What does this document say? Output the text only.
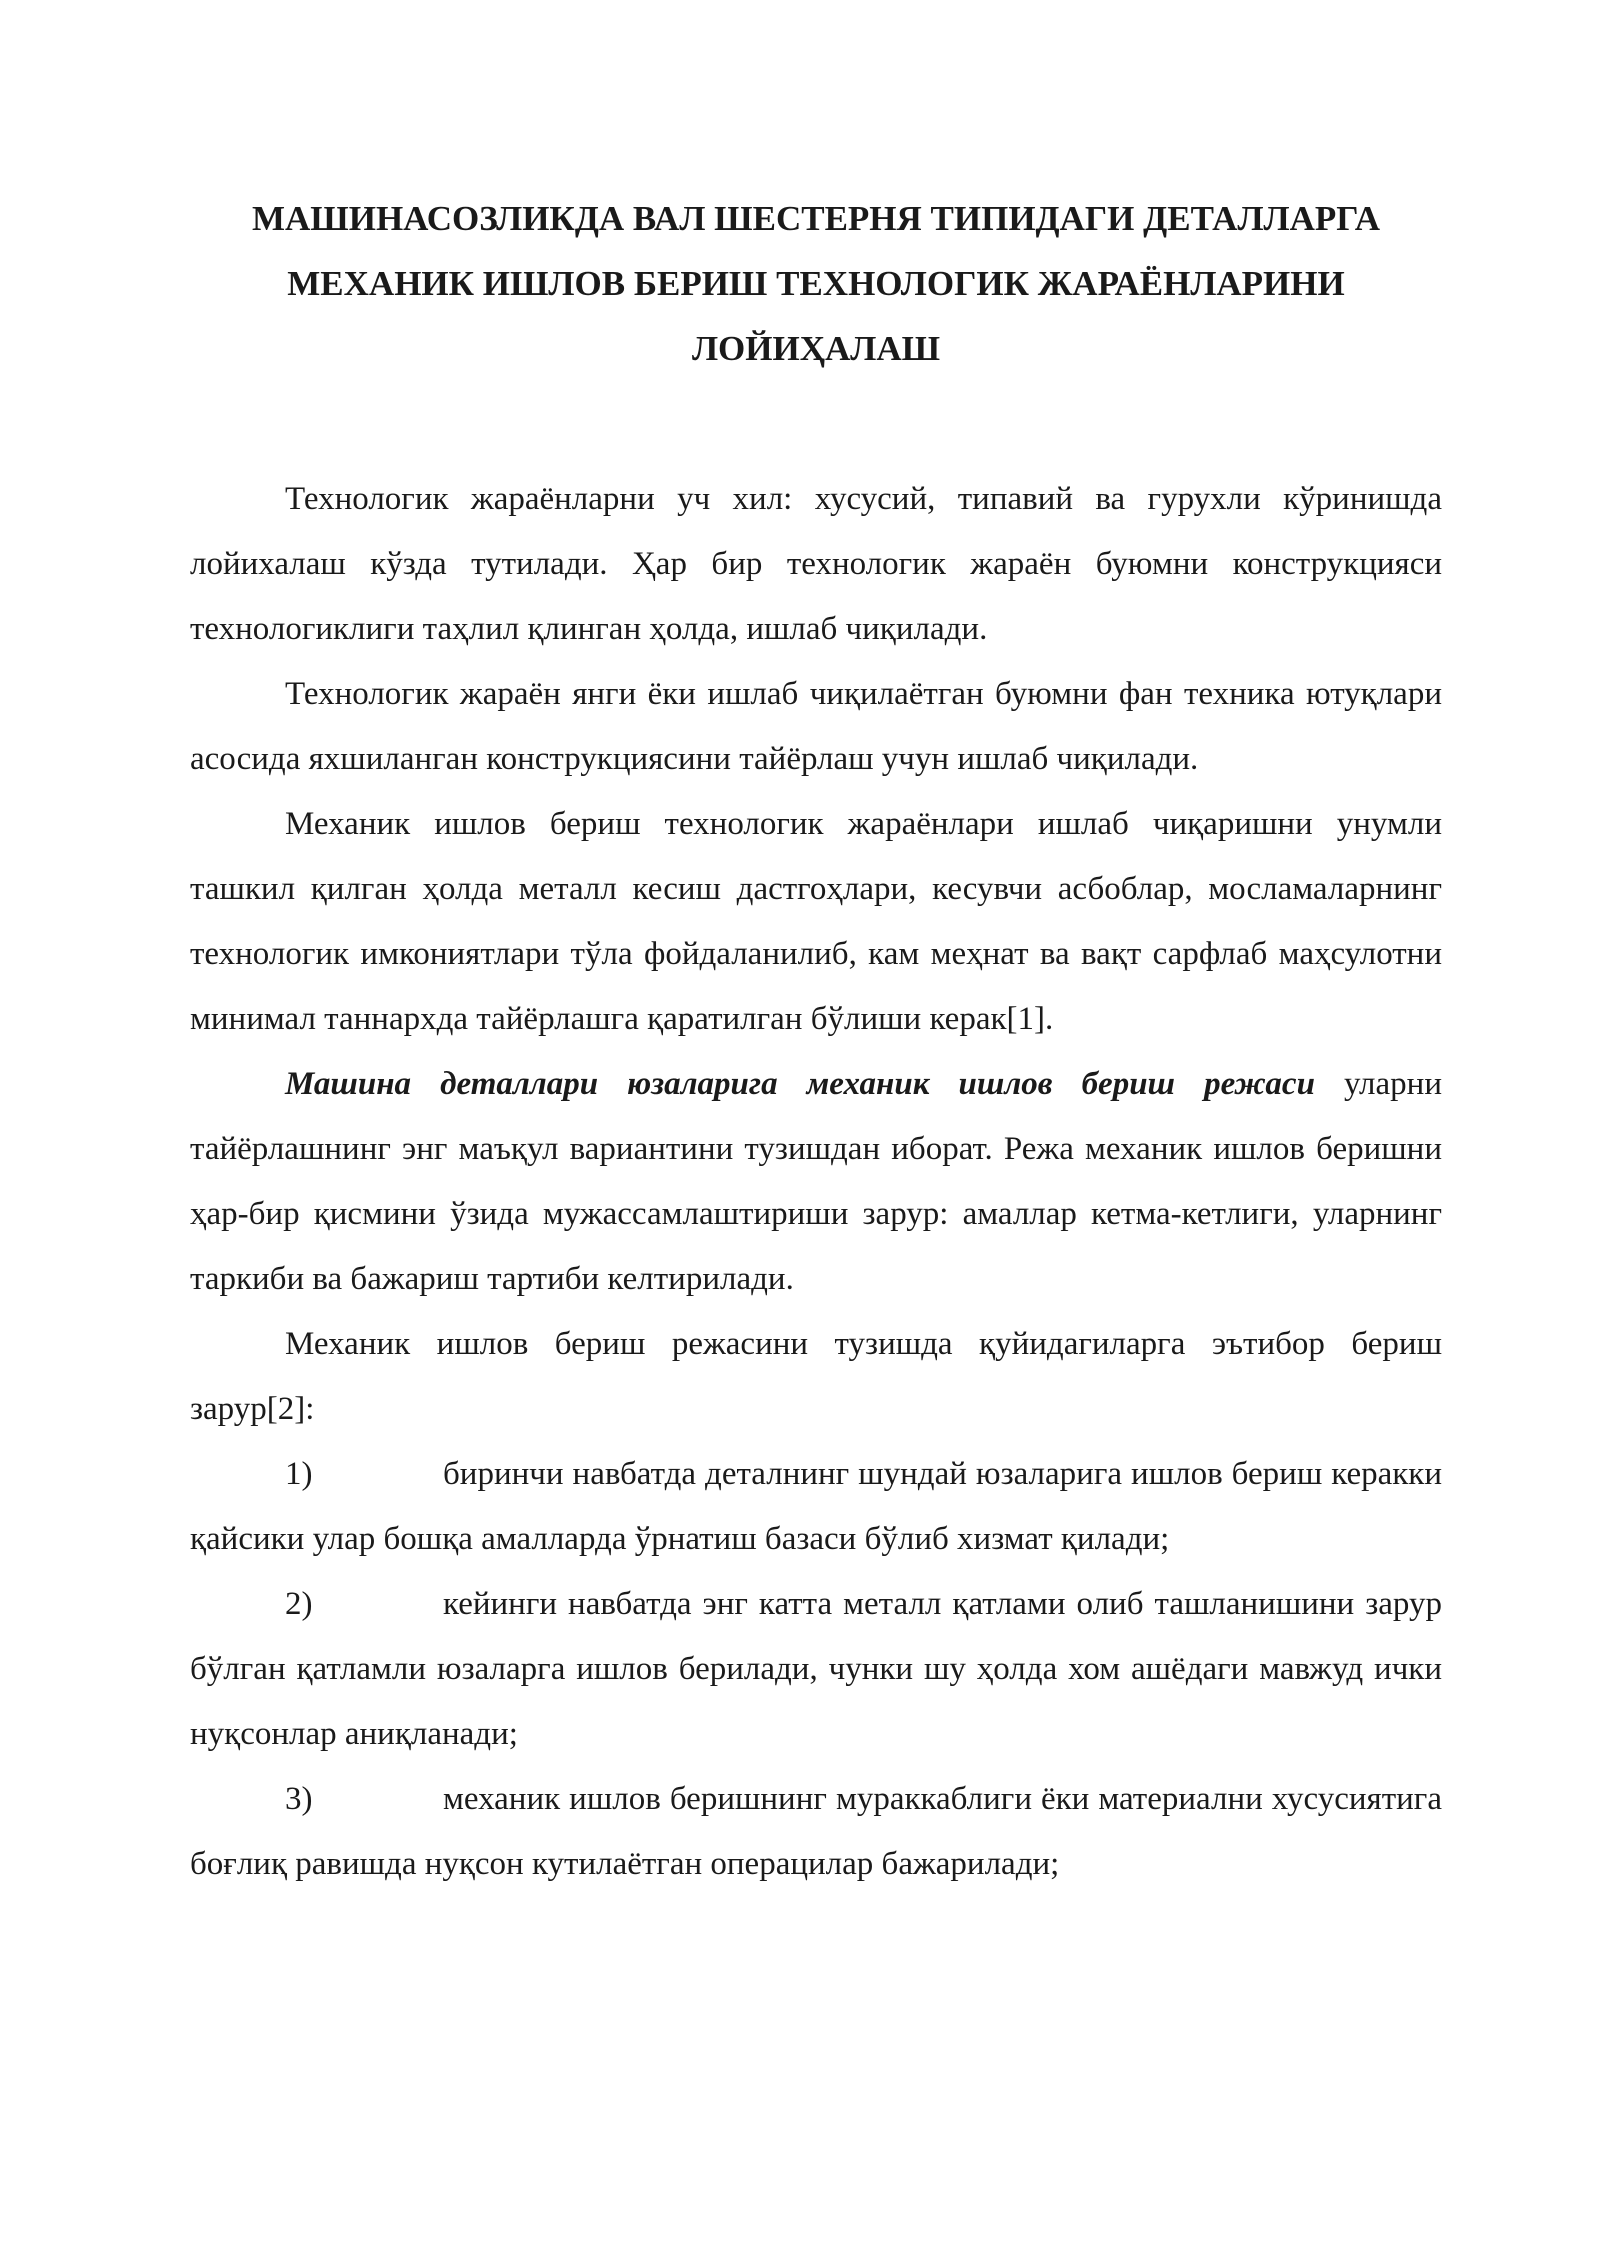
МАШИНАСОЗЛИКДА ВАЛ ШЕСТЕРНЯ ТИПИДАГИ ДЕТАЛЛАРГА
МЕХАНИК ИШЛОВ БЕРИШ ТЕХНОЛОГИК ЖАРАЁНЛАРИНИ
ЛОЙИҲАЛАШ

Технологик жараёнларни уч хил: хусусий, типавий ва гурухли кўринишда лойихалаш кўзда тутилади. Ҳар бир технологик жараён буюмни конструкцияси технологиклиги таҳлил қлинган ҳолда, ишлаб чиқилади.

Технологик жараён янги ёки ишлаб чиқилаётган буюмни фан техника ютуқлари асосида яхшиланган конструкциясини тайёрлаш учун ишлаб чиқилади.

Механик ишлов бериш технологик жараёнлари ишлаб чиқаришни унумли ташкил қилган ҳолда металл кесиш дастгоҳлари, кесувчи асбоблар, мосламаларнинг технологик имкониятлари тўла фойдаланилиб, кам меҳнат ва вақт сарфлаб маҳсулотни минимал таннархда тайёрлашга қаратилган бўлиши керак[1].

Машина деталлари юзаларига механик ишлов бериш режаси уларни тайёрлашнинг энг маъқул вариантини тузишдан иборат. Режа механик ишлов беришни ҳар-бир қисмини ўзида мужассамлаштириши зарур: амаллар кетма-кетлиги, уларнинг таркиби ва бажариш тартиби келтирилади.

Механик ишлов бериш режасини тузишда қуйидагиларга эътибор бериш зарур[2]:

1)	биринчи навбатда деталнинг шундай юзаларига ишлов бериш керакки қайсики улар бошқа амалларда ўрнатиш базаси бўлиб хизмат қилади;

2)	кейинги навбатда энг катта металл қатлами олиб ташланишини зарур бўлган қатламли юзаларга ишлов берилади, чунки шу ҳолда хом ашёдаги мавжуд ички нуқсонлар аниқланади;

3)	механик ишлов беришнинг мураккаблиги ёки материални хусусиятига боғлиқ равишда нуқсон кутилаётган операцилар бажарилади;
